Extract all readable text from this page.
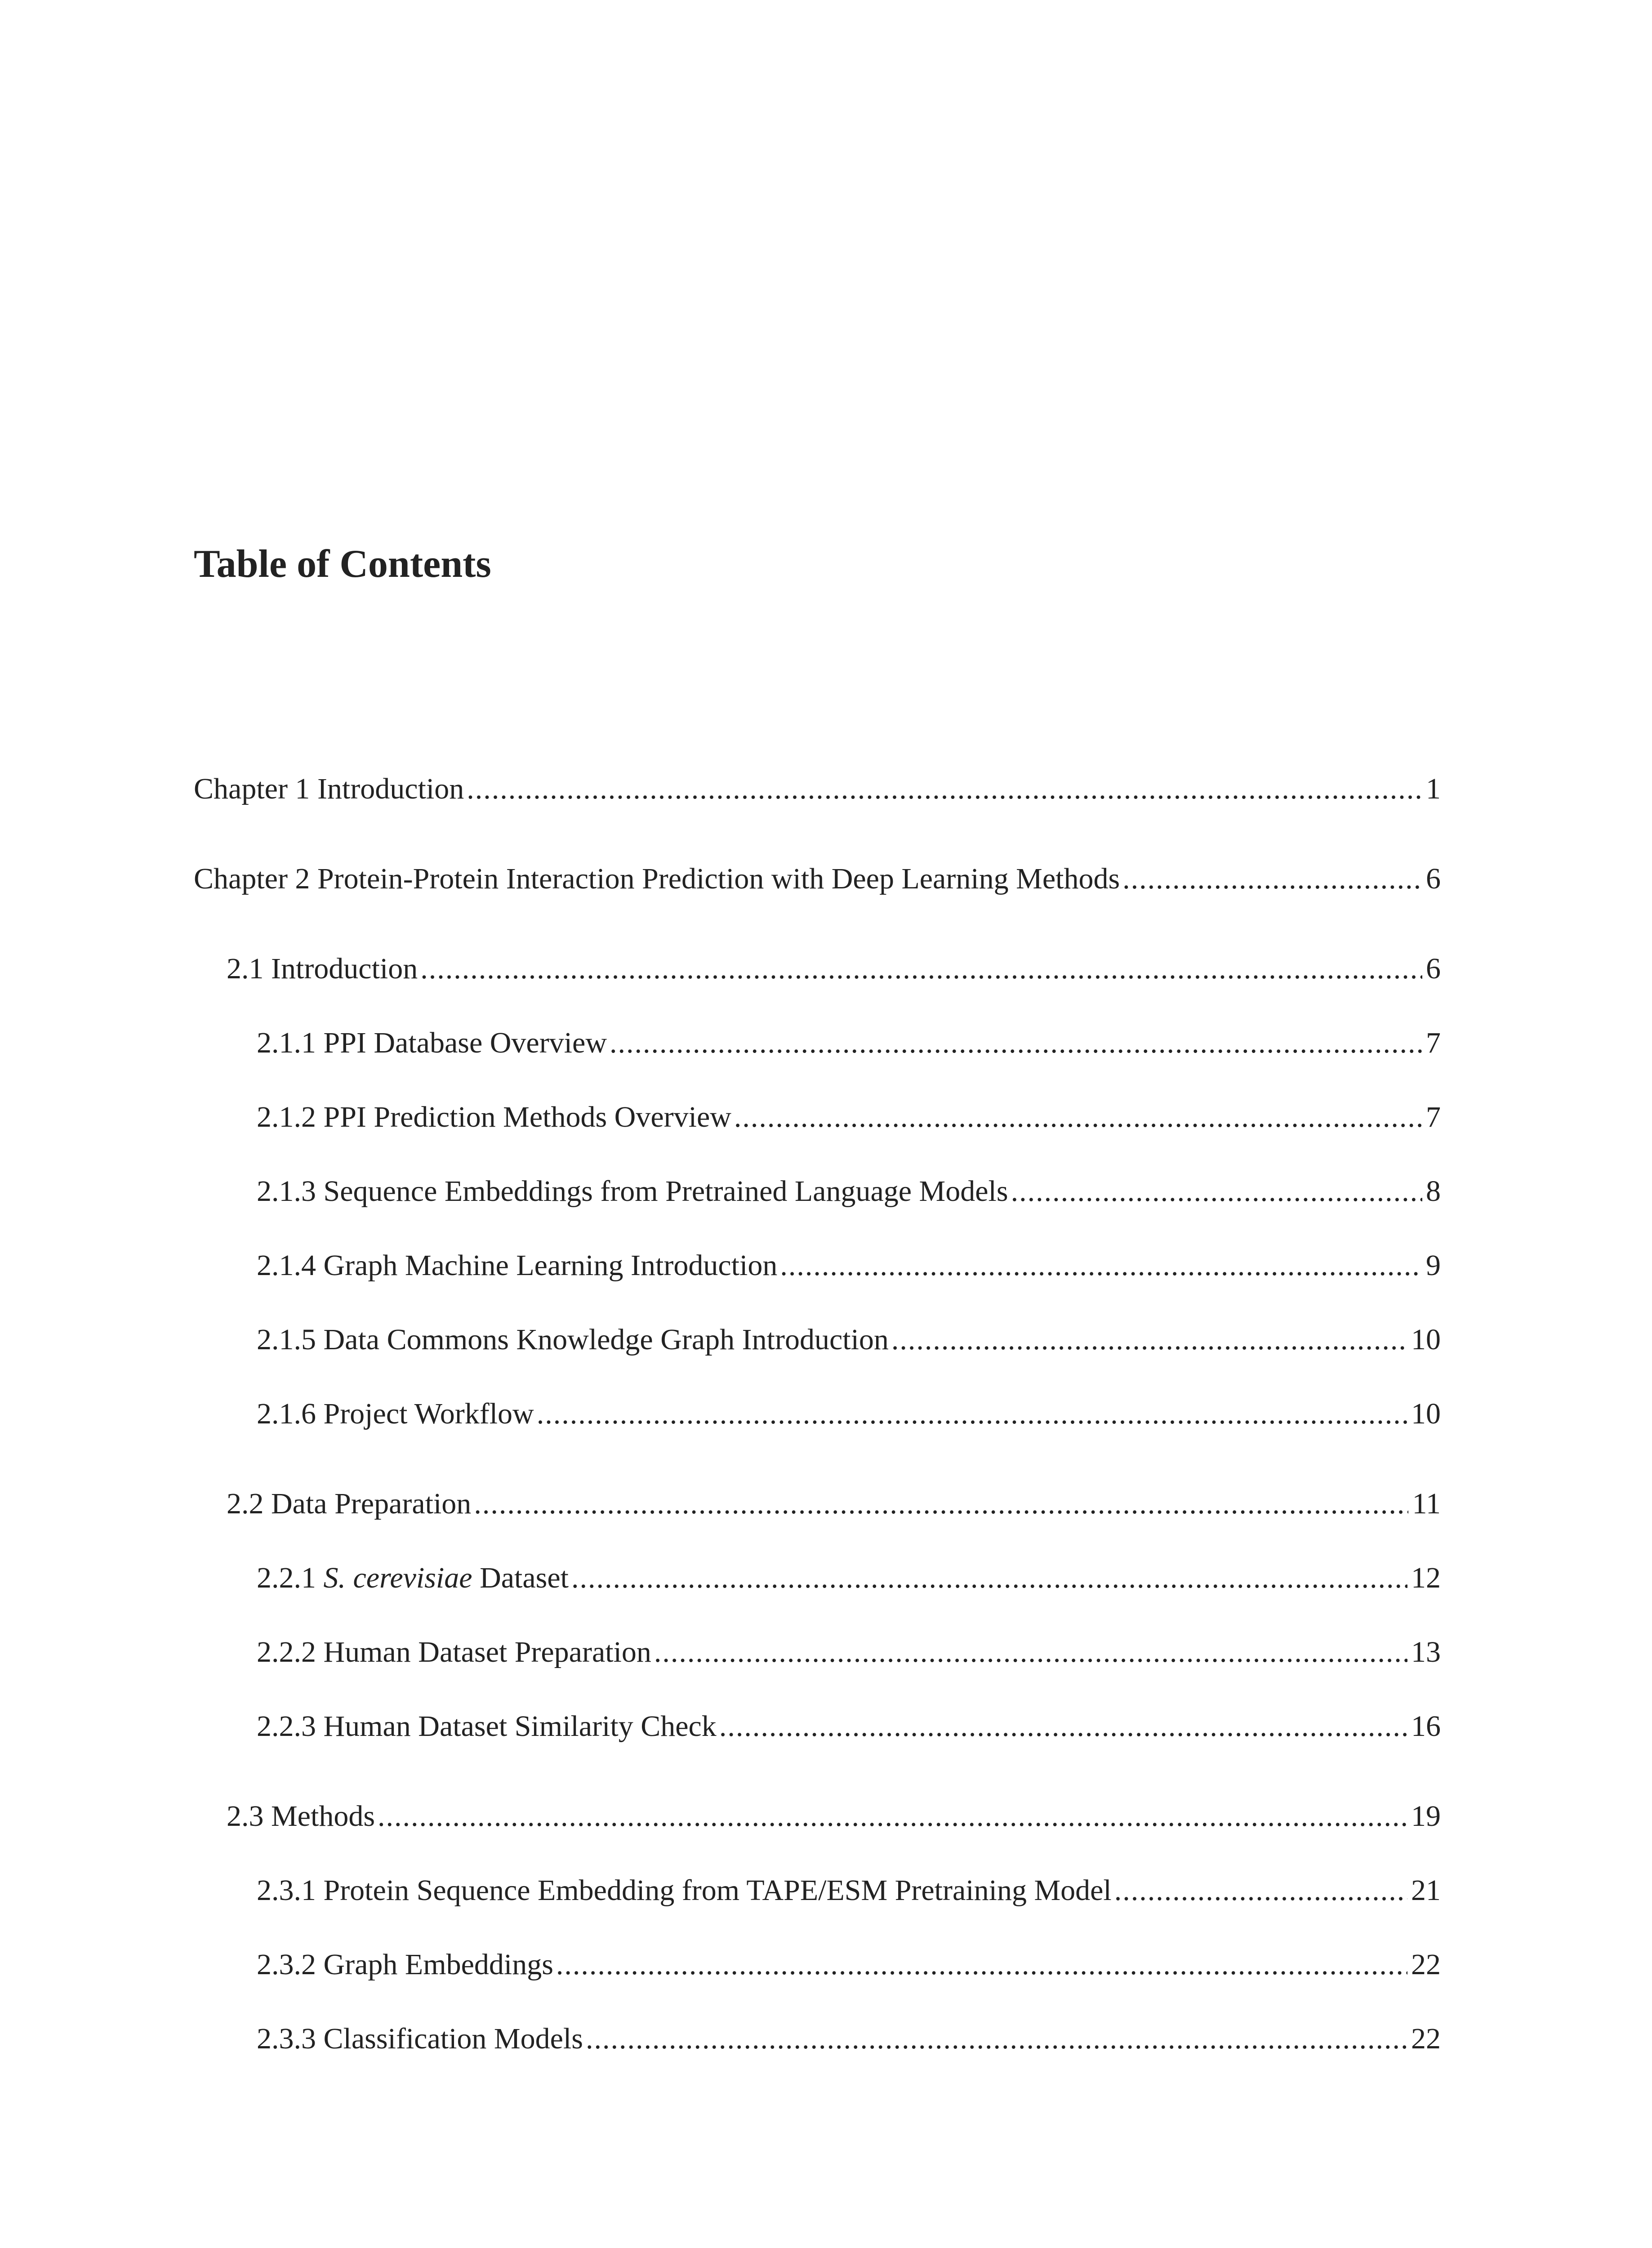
Table of Contents
Chapter 1 Introduction .....	1
Chapter 2 Protein-Protein Interaction Prediction with Deep Learning Methods .....	6
2.1 Introduction .....	6
2.1.1 PPI Database Overview .....	7
2.1.2 PPI Prediction Methods Overview .....	7
2.1.3 Sequence Embeddings from Pretrained Language Models .....	8
2.1.4 Graph Machine Learning Introduction .....	9
2.1.5 Data Commons Knowledge Graph Introduction .....	10
2.1.6 Project Workflow .....	10
2.2 Data Preparation .....	11
2.2.1 S. cerevisiae Dataset .....	12
2.2.2 Human Dataset Preparation .....	13
2.2.3 Human Dataset Similarity Check .....	16
2.3 Methods .....	19
2.3.1 Protein Sequence Embedding from TAPE/ESM Pretraining Model .....	21
2.3.2 Graph Embeddings .....	22
2.3.3 Classification Models .....	22
